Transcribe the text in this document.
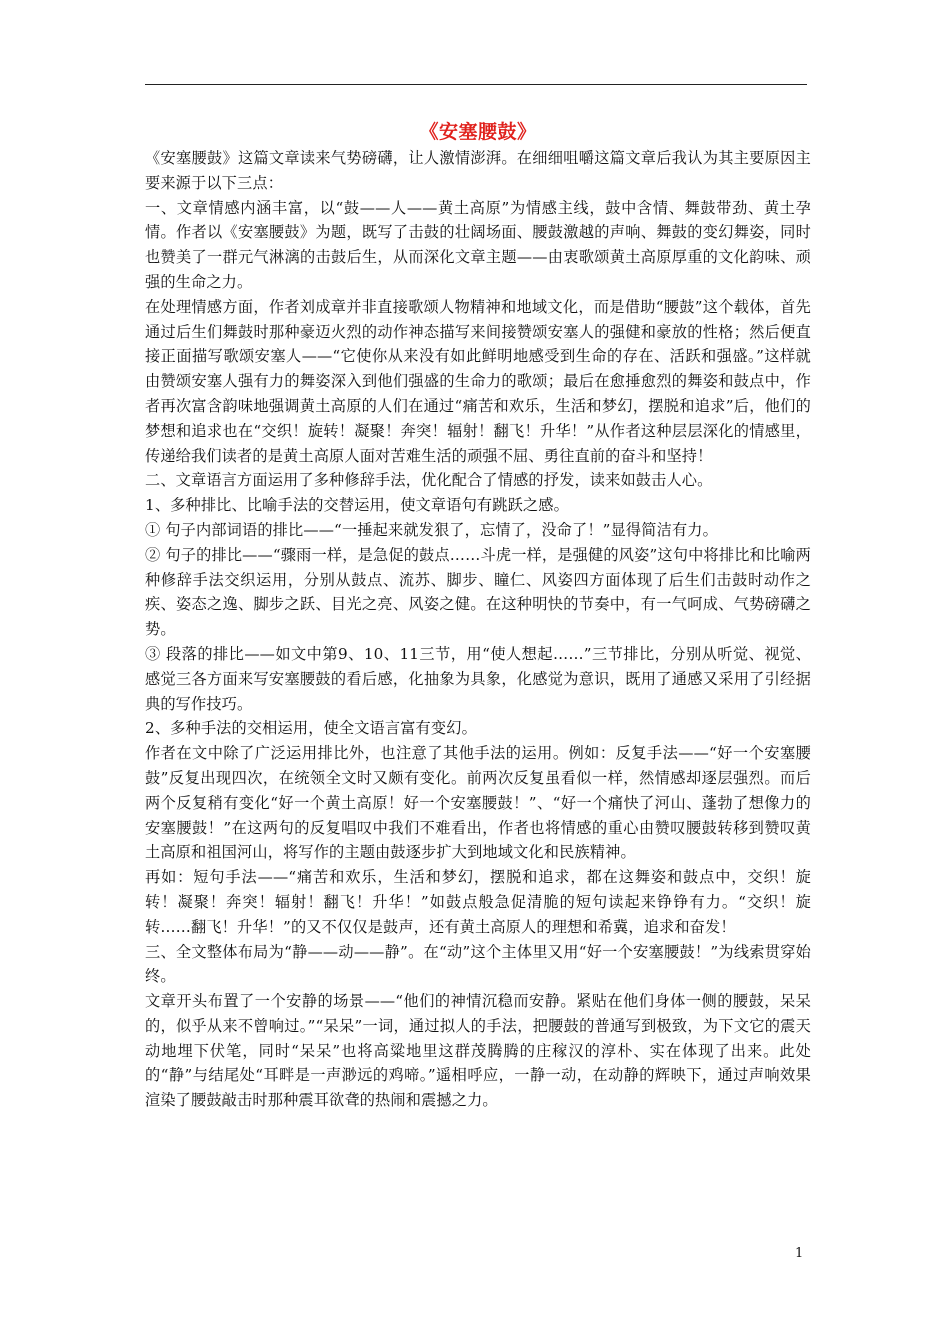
《安塞腰鼓》

《安塞腰鼓》这篇文章读来气势磅礴，让人激情澎湃。在细细咀嚼这篇文章后我认为其主要原因主要来源于以下三点：

一、文章情感内涵丰富，以“鼓——人——黄土高原”为情感主线，鼓中含情、舞鼓带劲、黄土孕情。作者以《安塞腰鼓》为题，既写了击鼓的壮阔场面、腰鼓激越的声响、舞鼓的变幻舞姿，同时也赞美了一群元气淋漓的击鼓后生，从而深化文章主题——由衷歌颂黄土高原厚重的文化韵味、顽强的生命之力。

在处理情感方面，作者刘成章并非直接歌颂人物精神和地域文化，而是借助“腰鼓”这个载体，首先通过后生们舞鼓时那种豪迈火烈的动作神态描写来间接赞颂安塞人的强健和豪放的性格；然后便直接正面描写歌颂安塞人——“它使你从来没有如此鲜明地感受到生命的存在、活跃和强盛。”这样就由赞颂安塞人强有力的舞姿深入到他们强盛的生命力的歌颂；最后在愈捶愈烈的舞姿和鼓点中，作者再次富含韵味地强调黄土高原的人们在通过“痛苦和欢乐，生活和梦幻，摆脱和追求”后，他们的梦想和追求也在“交织！旋转！凝聚！奔突！辐射！翻飞！升华！”从作者这种层层深化的情感里，传递给我们读者的是黄土高原人面对苦难生活的顽强不屈、勇往直前的奋斗和坚持！

二、文章语言方面运用了多种修辞手法，优化配合了情感的抒发，读来如鼓击人心。

1、多种排比、比喻手法的交替运用，使文章语句有跳跃之感。

① 句子内部词语的排比——“一捶起来就发狠了，忘情了，没命了！”显得简洁有力。

② 句子的排比——“骤雨一样，是急促的鼓点……斗虎一样，是强健的风姿”这句中将排比和比喻两种修辞手法交织运用，分别从鼓点、流苏、脚步、瞳仁、风姿四方面体现了后生们击鼓时动作之疾、姿态之逸、脚步之跃、目光之亮、风姿之健。在这种明快的节奏中，有一气呵成、气势磅礴之势。

③ 段落的排比——如文中第9、10、11三节，用“使人想起……”三节排比，分别从听觉、视觉、感觉三各方面来写安塞腰鼓的看后感，化抽象为具象，化感觉为意识，既用了通感又采用了引经据典的写作技巧。

2、多种手法的交相运用，使全文语言富有变幻。

作者在文中除了广泛运用排比外，也注意了其他手法的运用。例如：反复手法——“好一个安塞腰鼓”反复出现四次，在统领全文时又颇有变化。前两次反复虽看似一样，然情感却逐层强烈。而后两个反复稍有变化“好一个黄土高原！好一个安塞腰鼓！”、“好一个痛快了河山、蓬勃了想像力的安塞腰鼓！”在这两句的反复唱叹中我们不难看出，作者也将情感的重心由赞叹腰鼓转移到赞叹黄土高原和祖国河山，将写作的主题由鼓逐步扩大到地域文化和民族精神。

再如：短句手法——“痛苦和欢乐，生活和梦幻，摆脱和追求，都在这舞姿和鼓点中，交织！旋转！凝聚！奔突！辐射！翻飞！升华！”如鼓点般急促清脆的短句读起来铮铮有力。“交织！旋转……翻飞！升华！”的又不仅仅是鼓声，还有黄土高原人的理想和希冀，追求和奋发！

三、全文整体布局为“静——动——静”。在“动”这个主体里又用“好一个安塞腰鼓！”为线索贯穿始终。

文章开头布置了一个安静的场景——“他们的神情沉稳而安静。紧贴在他们身体一侧的腰鼓，呆呆的，似乎从来不曾响过。”“呆呆”一词，通过拟人的手法，把腰鼓的普通写到极致，为下文它的震天动地埋下伏笔，同时“呆呆”也将高粱地里这群茂腾腾的庄稼汉的淳朴、实在体现了出来。此处的“静”与结尾处“耳畔是一声渺远的鸡啼。”遥相呼应，一静一动，在动静的辉映下，通过声响效果渲染了腰鼓敲击时那种震耳欲聋的热闹和震撼之力。

1
